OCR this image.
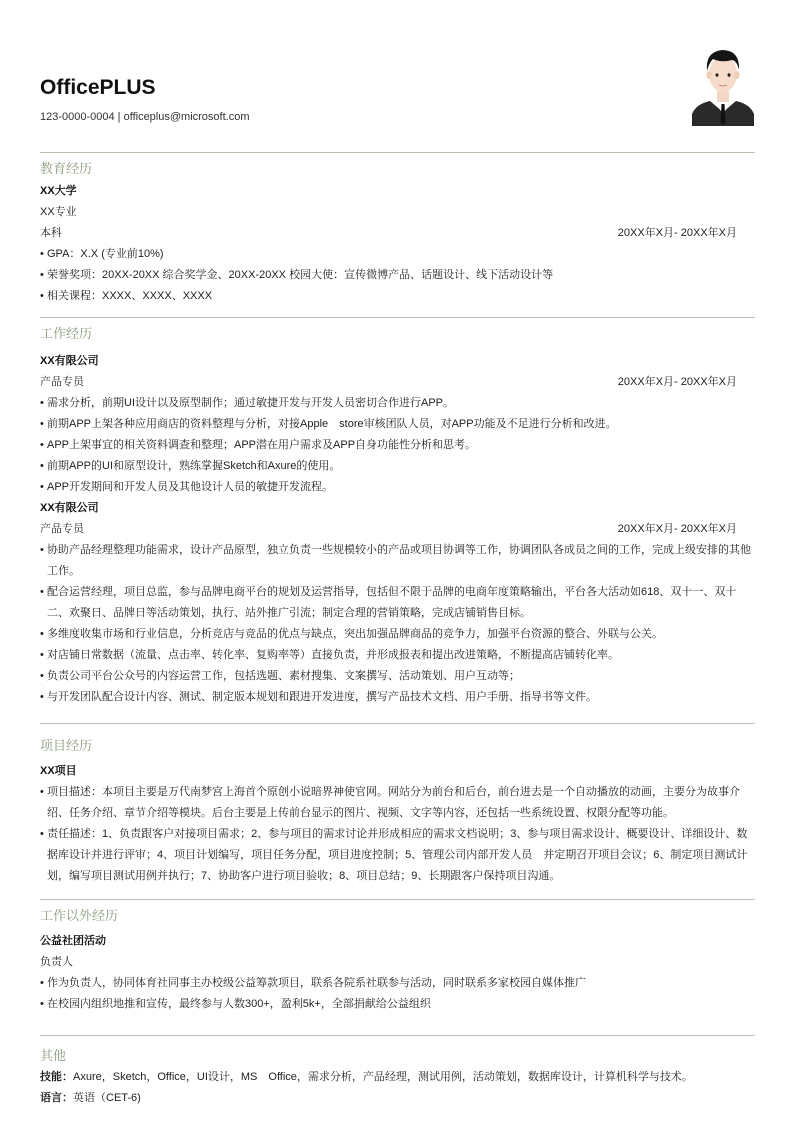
OfficePLUS
123-0000-0004 | officeplus@microsoft.com
教育经历
XX大学
XX专业
本科	20XX年X月- 20XX年X月
• GPA：X.X (专业前10%)
• 荣誉奖项：20XX-20XX 综合奖学金、20XX-20XX 校园大使：宣传微博产品、话题设计、线下活动设计等
• 相关课程：XXXX、XXXX、XXXX
工作经历
XX有限公司
产品专员	20XX年X月- 20XX年X月
• 需求分析，前期UI设计以及原型制作；通过敏捷开发与开发人员密切合作进行APP。
• 前期APP上架各种应用商店的资料整理与分析，对接Apple　store审核团队人员，对APP功能及不足进行分析和改进。
• APP上架事宜的相关资料调查和整理；APP潜在用户需求及APP自身功能性分析和思考。
• 前期APP的UI和原型设计，熟练掌握Sketch和Axure的使用。
• APP开发期间和开发人员及其他设计人员的敏捷开发流程。
XX有限公司
产品专员	20XX年X月- 20XX年X月
• 协助产品经理整理功能需求，设计产品原型，独立负责一些规模较小的产品或项目协调等工作，协调团队各成员之间的工作，完成上级安排的其他工作。
• 配合运营经理，项目总监，参与品牌电商平台的规划及运营指导，包括但不限于品牌的电商年度策略输出，平台各大活动如618、双十一、双十二、欢聚日、品牌日等活动策划，执行、站外推广引流；制定合理的营销策略，完成店铺销售目标。
• 多维度收集市场和行业信息，分析竞店与竞品的优点与缺点，突出加强品牌商品的竞争力，加强平台资源的整合、外联与公关。
• 对店铺日常数据（流量、点击率、转化率、复购率等）直接负责，并形成报表和提出改进策略，不断提高店铺转化率。
• 负责公司平台公众号的内容运营工作，包括选题、素材搜集、文案撰写、活动策划、用户互动等；
• 与开发团队配合设计内容、测试、制定版本规划和跟进开发进度，撰写产品技术文档、用户手册、指导书等文件。
项目经历
XX项目
• 项目描述：本项目主要是万代南梦宫上海首个原创小说暗界神使官网。网站分为前台和后台，前台进去是一个自动播放的动画，主要分为故事介绍、任务介绍、章节介绍等模块。后台主要是上传前台显示的图片、视频、文字等内容，还包括一些系统设置、权限分配等功能。
• 责任描述：1、负责跟客户对接项目需求；2、参与项目的需求讨论并形成相应的需求文档说明；3、参与项目需求设计、概要设计、详细设计、数据库设计并进行评审；4、项目计划编写，项目任务分配，项目进度控制；5、管理公司内部开发人员　并定期召开项目会议；6、制定项目测试计划，编写项目测试用例并执行；7、协助客户进行项目验收；8、项目总结；9、长期跟客户保持项目沟通。
工作以外经历
公益社团活动
负责人
• 作为负责人，协同体育社同事主办校级公益筹款项目，联系各院系社联参与活动，同时联系多家校园自媒体推广
• 在校园内组织地推和宣传，最终参与人数300+，盈利5k+，全部捐献给公益组织
其他
技能：Axure，Sketch，Office，UI设计，MS　Office，需求分析，产品经理，测试用例，活动策划，数据库设计，计算机科学与技术。
语言：英语（CET-6)
